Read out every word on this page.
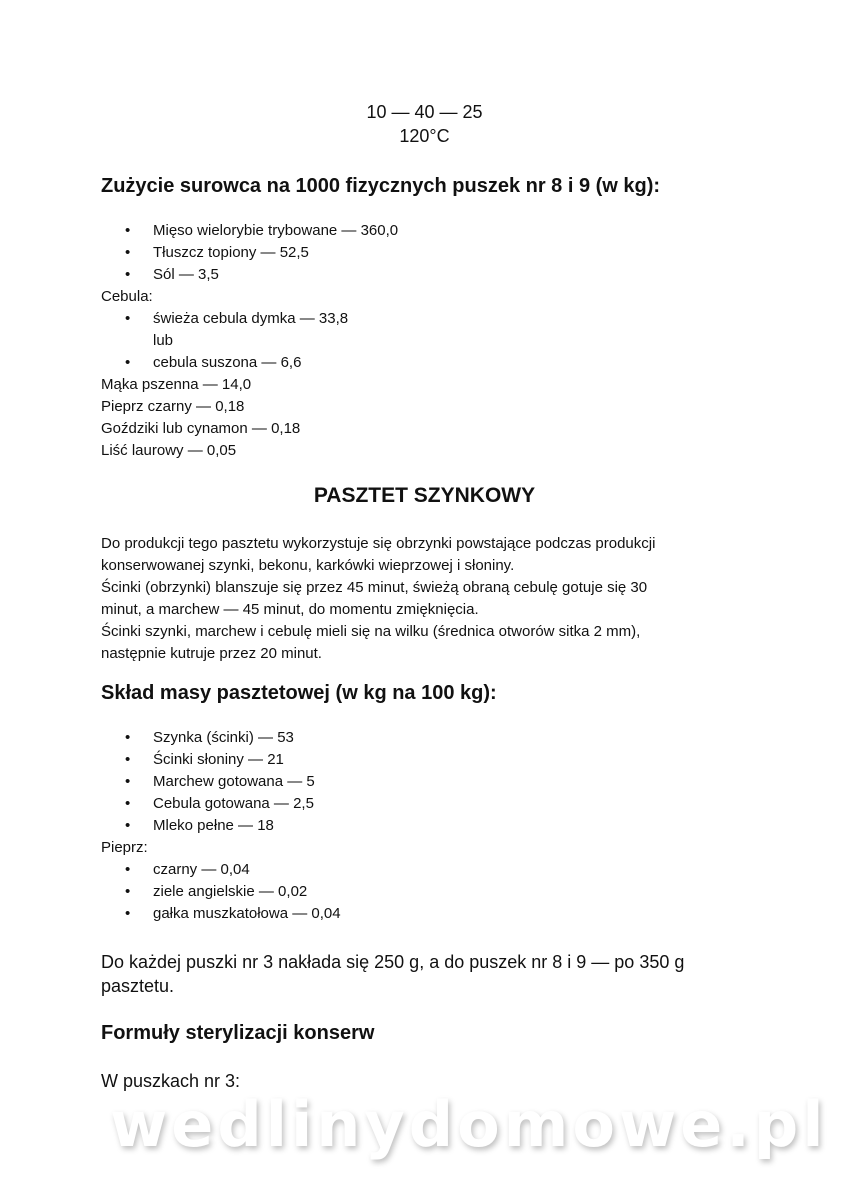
10 — 40 — 25
120°C
Zużycie surowca na 1000 fizycznych puszek nr 8 i 9 (w kg):
• Mięso wielorybie trybowane — 360,0
• Tłuszcz topiony — 52,5
• Sól — 3,5
Cebula:
• świeża cebula dymka — 33,8
lub
• cebula suszona — 6,6
Mąka pszenna — 14,0
Pieprz czarny — 0,18
Goździki lub cynamon — 0,18
Liść laurowy — 0,05
PASZTET SZYNKOWY
Do produkcji tego pasztetu wykorzystuje się obrzynki powstające podczas produkcji
konserwowanej szynki, bekonu, karkówki wieprzowej i słoniny.
Ścinki (obrzynki) blanszuje się przez 45 minut, świeżą obraną cebulę gotuje się 30
minut, a marchew — 45 minut, do momentu zmięknięcia.
Ścinki szynki, marchew i cebulę mieli się na wilku (średnica otworów sitka 2 mm),
następnie kutruje przez 20 minut.
Skład masy pasztetowej (w kg na 100 kg):
• Szynka (ścinki) — 53
• Ścinki słoniny — 21
• Marchew gotowana — 5
• Cebula gotowana — 2,5
• Mleko pełne — 18
Pieprz:
• czarny — 0,04
• ziele angielskie — 0,02
• gałka muszkatołowa — 0,04
Do każdej puszki nr 3 nakłada się 250 g, a do puszek nr 8 i 9 — po 350 g
pasztetu.
Formuły sterylizacji konserw
W puszkach nr 3:
wedlinydomowe.pl
